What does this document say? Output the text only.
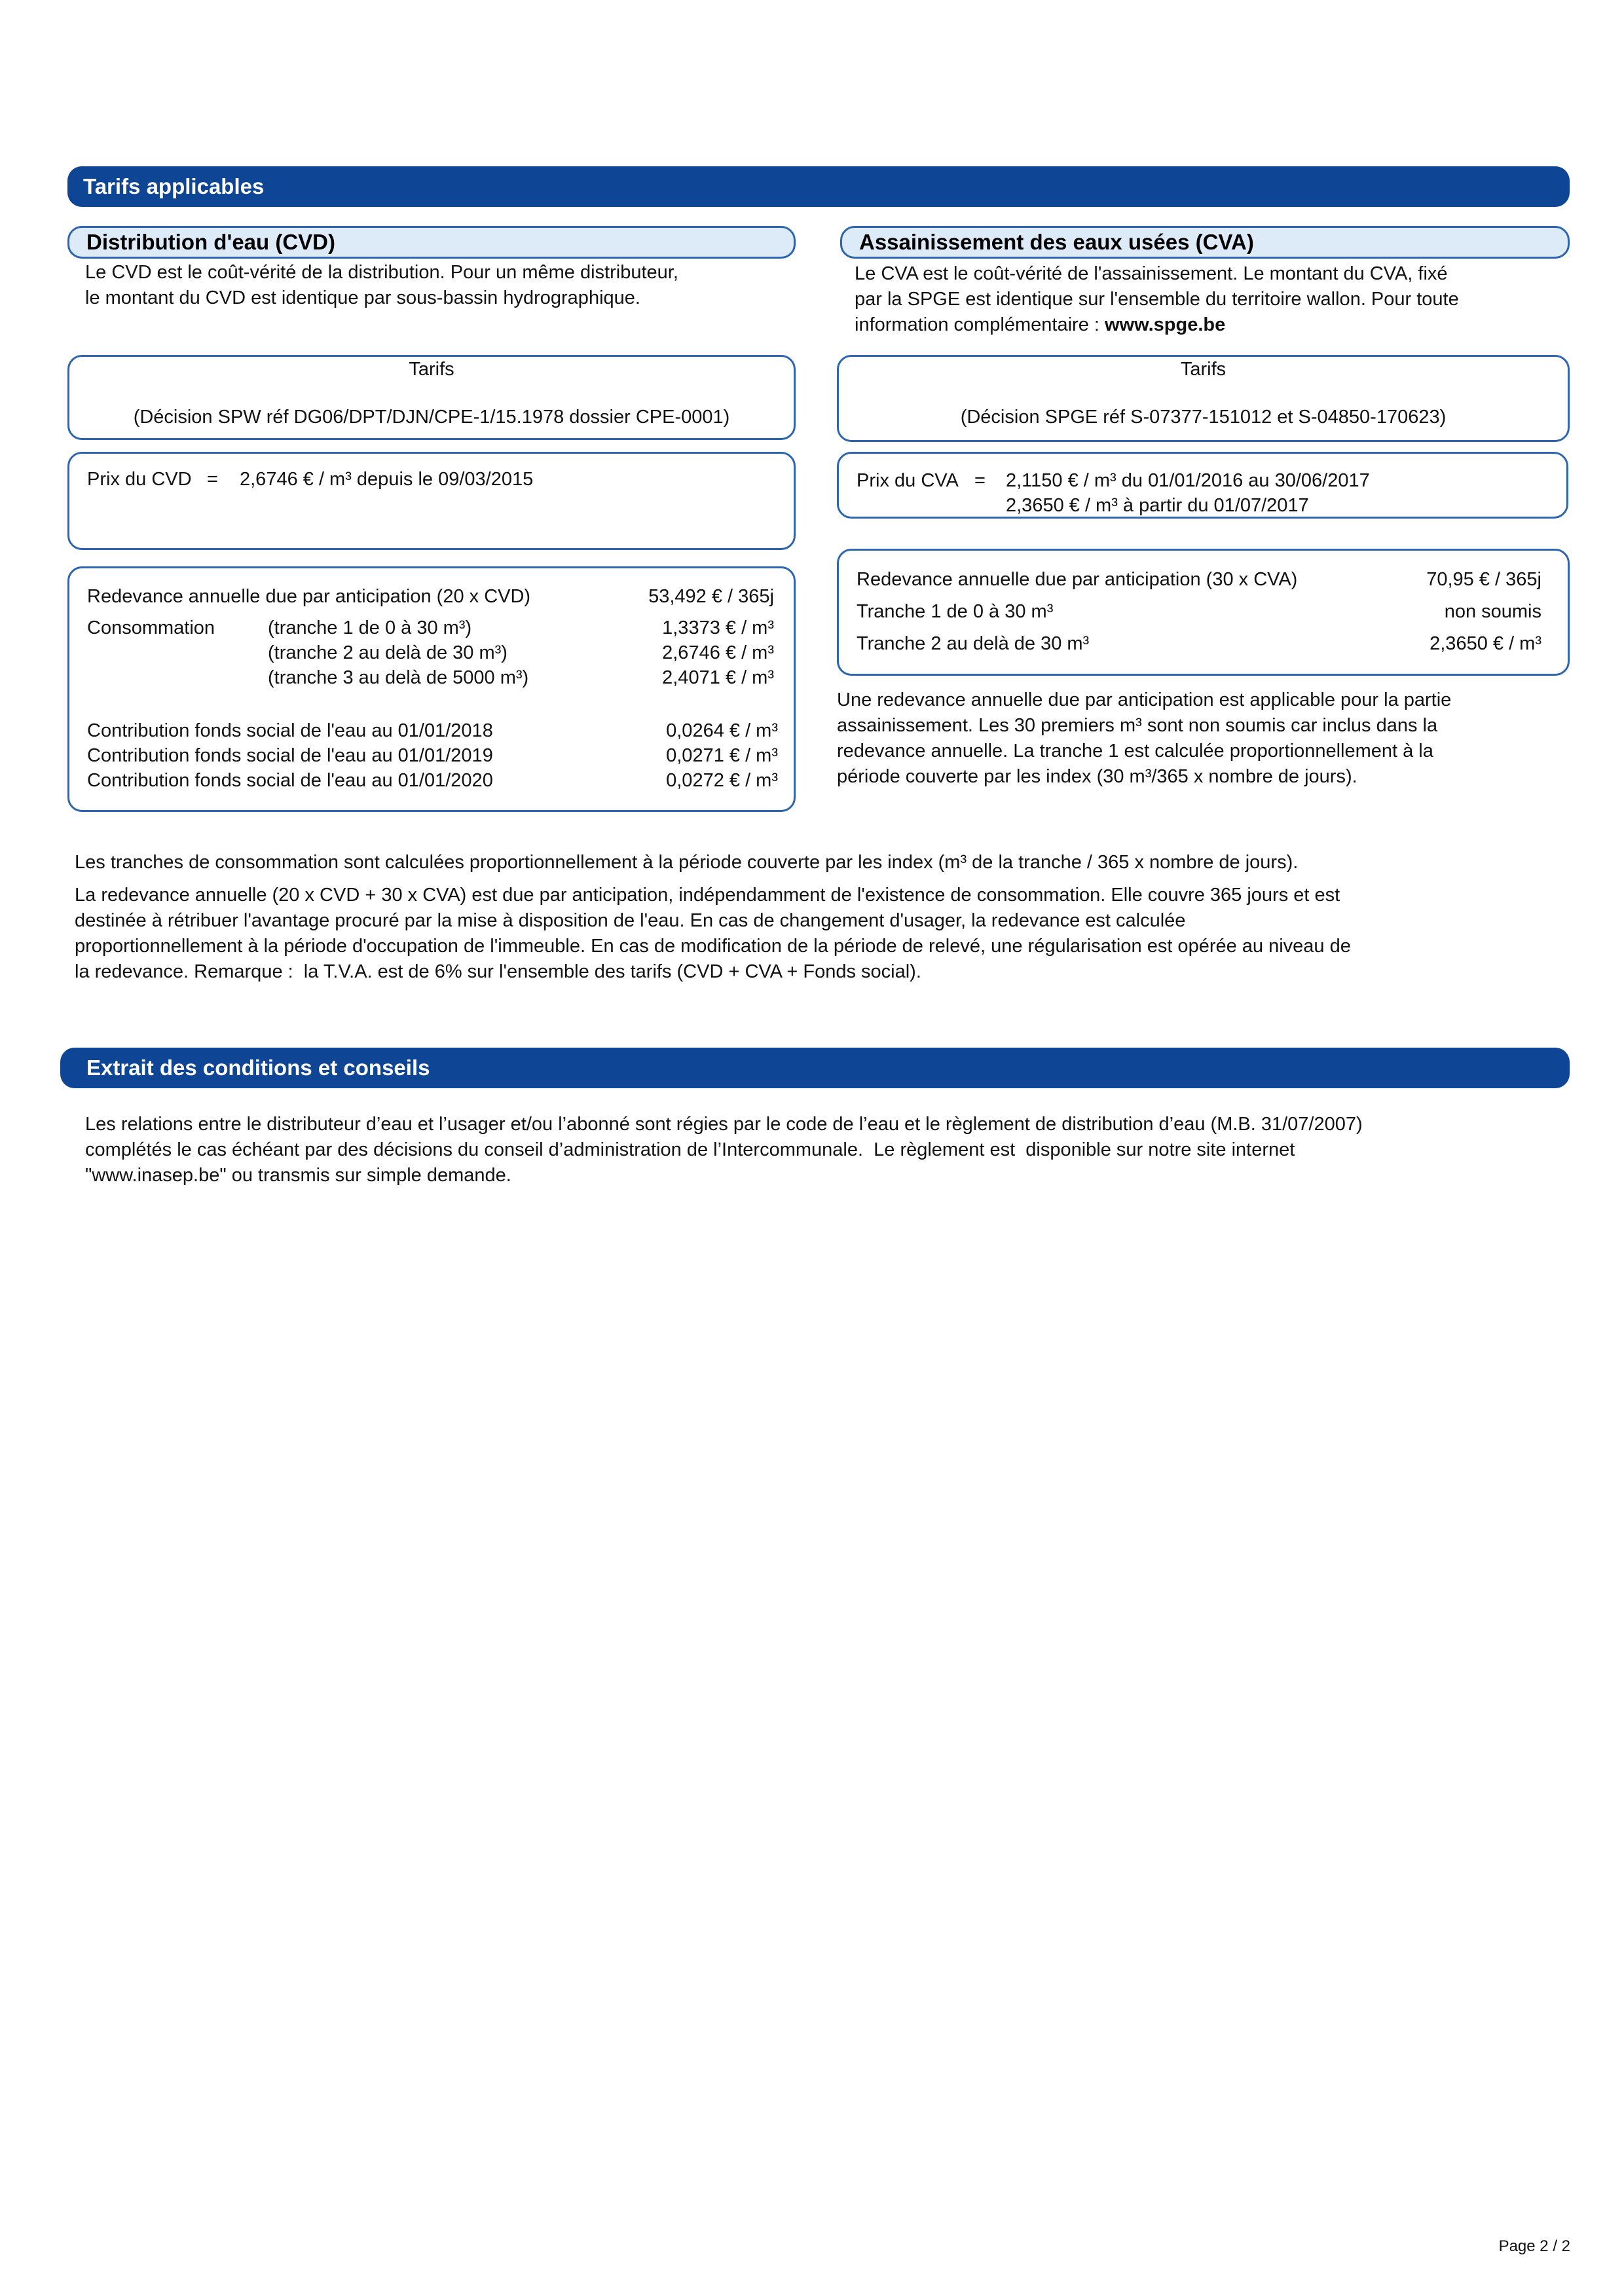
Tarifs applicables
Distribution d'eau (CVD)
Le CVD est le coût-vérité de la distribution. Pour un même distributeur,
le montant du CVD est identique par sous-bassin hydrographique.
Tarifs
(Décision SPW réf DG06/DPT/DJN/CPE-1/15.1978 dossier CPE-0001)
Prix du CVD = 2,6746 € / m³ depuis le 09/03/2015
Redevance annuelle due par anticipation (20 x CVD)	53,492 € / 365j
Consommation	(tranche 1 de 0 à 30 m³)	1,3373 € / m³
(tranche 2 au delà de 30 m³)	2,6746 € / m³
(tranche 3 au delà de 5000 m³)	2,4071 € / m³
Contribution fonds social de l'eau au 01/01/2018	0,0264 € / m³
Contribution fonds social de l'eau au 01/01/2019	0,0271 € / m³
Contribution fonds social de l'eau au 01/01/2020	0,0272 € / m³
Assainissement des eaux usées (CVA)
Le CVA est le coût-vérité de l'assainissement. Le montant du CVA, fixé
par la SPGE est identique sur l'ensemble du territoire wallon. Pour toute
information complémentaire : www.spge.be
Tarifs
(Décision SPGE réf S-07377-151012 et S-04850-170623)
Prix du CVA = 2,1150 € / m³ du 01/01/2016 au 30/06/2017
2,3650 € / m³ à partir du 01/07/2017
Redevance annuelle due par anticipation (30 x CVA)	70,95 € / 365j
Tranche 1 de 0 à 30 m³	non soumis
Tranche 2 au delà de 30 m³	2,3650 € / m³
Une redevance annuelle due par anticipation est applicable pour la partie
assainissement. Les 30 premiers m³ sont non soumis car inclus dans la
redevance annuelle. La tranche 1 est calculée proportionnellement à la
période couverte par les index (30 m³/365 x nombre de jours).
Les tranches de consommation sont calculées proportionnellement à la période couverte par les index (m³ de la tranche / 365 x nombre de jours).
La redevance annuelle (20 x CVD + 30 x CVA) est due par anticipation, indépendamment de l'existence de consommation. Elle couvre 365 jours et est
destinée à rétribuer l'avantage procuré par la mise à disposition de l'eau. En cas de changement d'usager, la redevance est calculée
proportionnellement à la période d'occupation de l'immeuble. En cas de modification de la période de relevé, une régularisation est opérée au niveau de
la redevance. Remarque :  la T.V.A. est de 6% sur l'ensemble des tarifs (CVD + CVA + Fonds social).
Extrait des conditions et conseils
Les relations entre le distributeur d’eau et l’usager et/ou l’abonné sont régies par le code de l’eau et le règlement de distribution d’eau (M.B. 31/07/2007)
complétés le cas échéant par des décisions du conseil d’administration de l’Intercommunale.  Le règlement est  disponible sur notre site internet
"www.inasep.be" ou transmis sur simple demande.
Page 2 / 2
